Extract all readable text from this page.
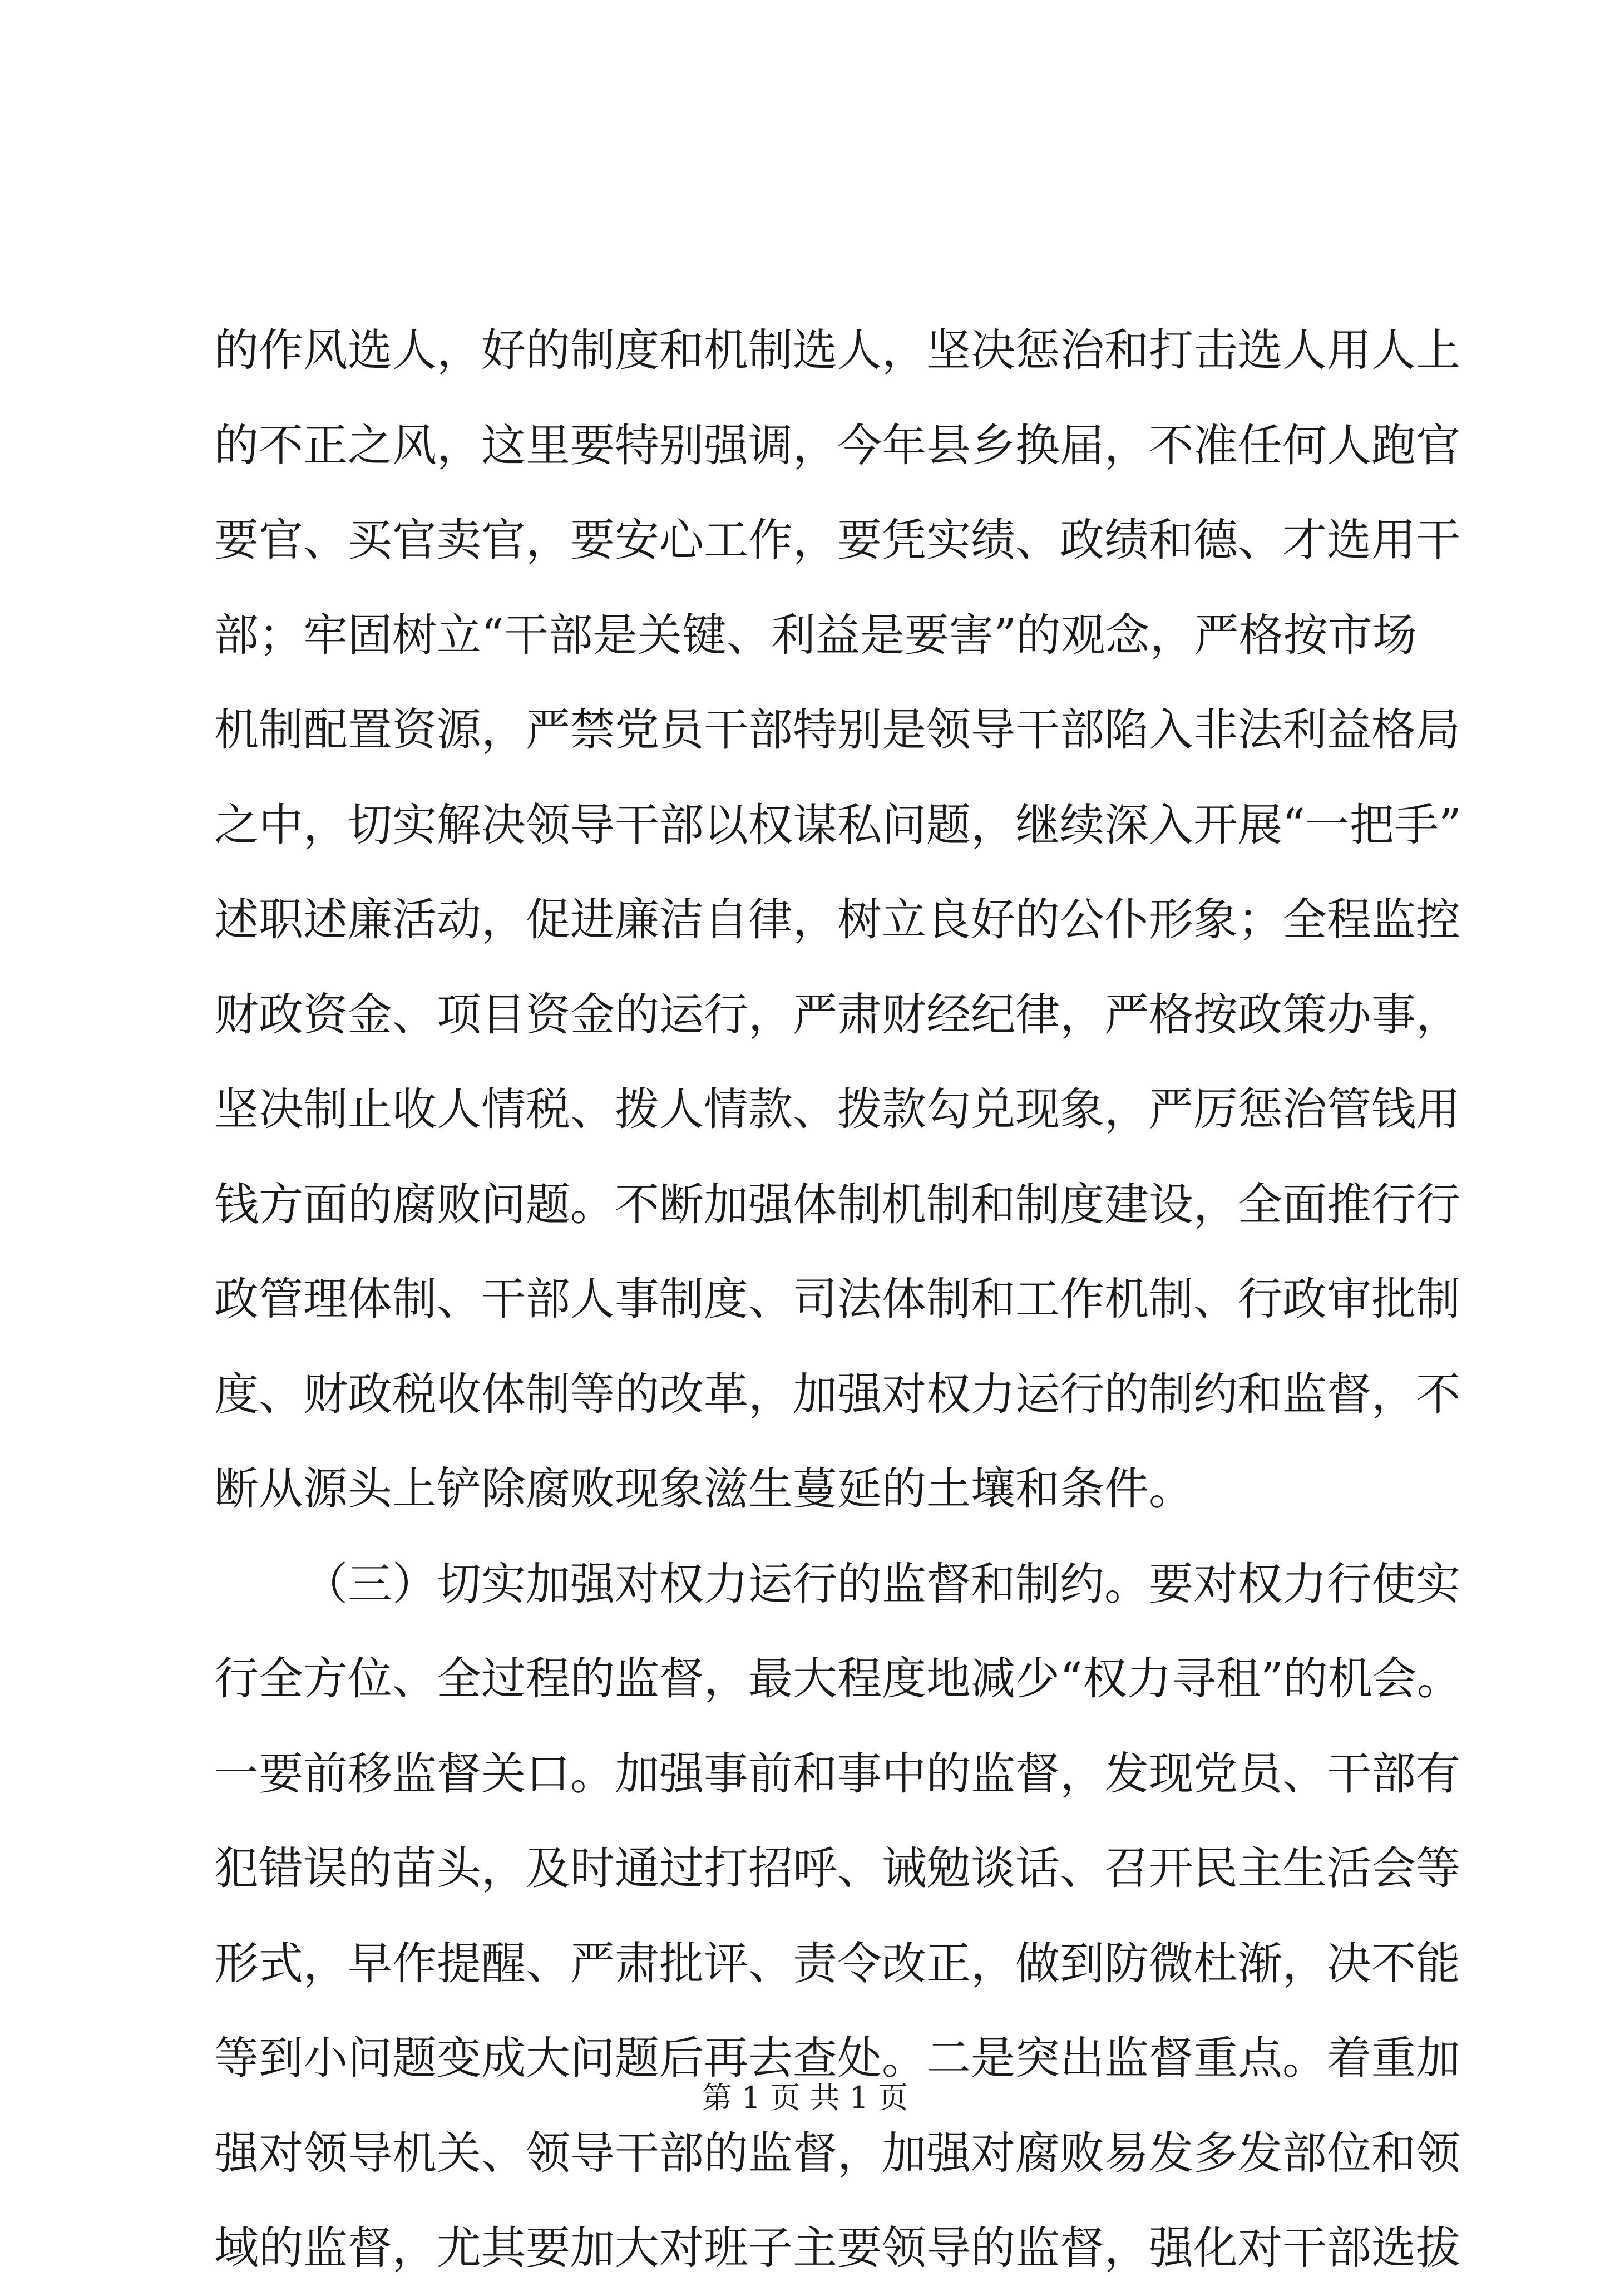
的作风选人，好的制度和机制选人，坚决惩治和打击选人用人上
的不正之风，这里要特别强调，今年县乡换届，不准任何人跑官
要官、买官卖官，要安心工作，要凭实绩、政绩和德、才选用干
部；牢固树立“干部是关键、利益是要害”的观念，严格按市场
机制配置资源，严禁党员干部特别是领导干部陷入非法利益格局
之中，切实解决领导干部以权谋私问题，继续深入开展“一把手”
述职述廉活动，促进廉洁自律，树立良好的公仆形象；全程监控
财政资金、项目资金的运行，严肃财经纪律，严格按政策办事，
坚决制止收人情税、拨人情款、拨款勾兑现象，严厉惩治管钱用
钱方面的腐败问题。不断加强体制机制和制度建设，全面推行行
政管理体制、干部人事制度、司法体制和工作机制、行政审批制
度、财政税收体制等的改革，加强对权力运行的制约和监督，不
断从源头上铲除腐败现象滋生蔓延的土壤和条件。
（三）切实加强对权力运行的监督和制约。要对权力行使实
行全方位、全过程的监督，最大程度地减少“权力寻租”的机会。
一要前移监督关口。加强事前和事中的监督，发现党员、干部有
犯错误的苗头，及时通过打招呼、诫勉谈话、召开民主生活会等
形式，早作提醒、严肃批评、责令改正，做到防微杜渐，决不能
等到小问题变成大问题后再去查处。二是突出监督重点。着重加
强对领导机关、领导干部的监督，加强对腐败易发多发部位和领
域的监督，尤其要加大对班子主要领导的监督，强化对干部选拔
第 1 页 共 1 页
